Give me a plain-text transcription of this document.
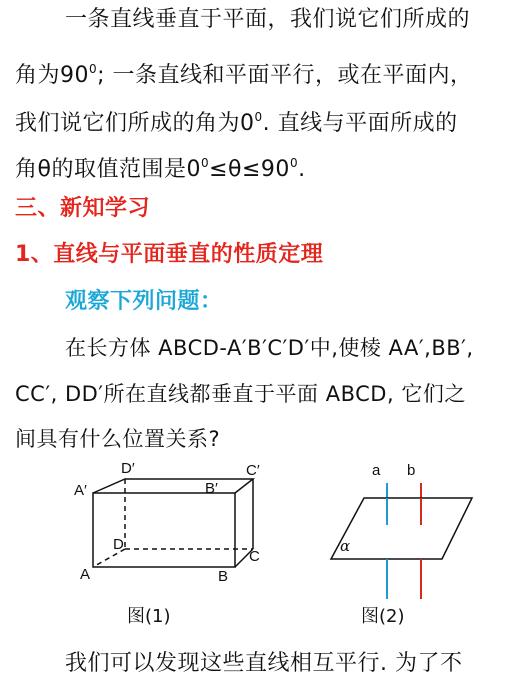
一条直线垂直于平面，我们说它们所成的
角为$90^0$; 一条直线和平面平行，或在平面内，
我们说它们所成的角为$0^0$. 直线与平面所成的
角θ的取值范围是$0^0\le\theta\le 90^0$.
三、新知学习
1、直线与平面垂直的性质定理
观察下列问题：
在长方体 ABCD-A′B′C′D′中,使棱 AA′,BB′,
CC′, DD′所在直线都垂直于平面 ABCD, 它们之
间具有什么位置关系?
A	B
C
D
A′	B′
C′
D′	a b
α
图(1)	图(2)
我们可以发现这些直线相互平行. 为了不
